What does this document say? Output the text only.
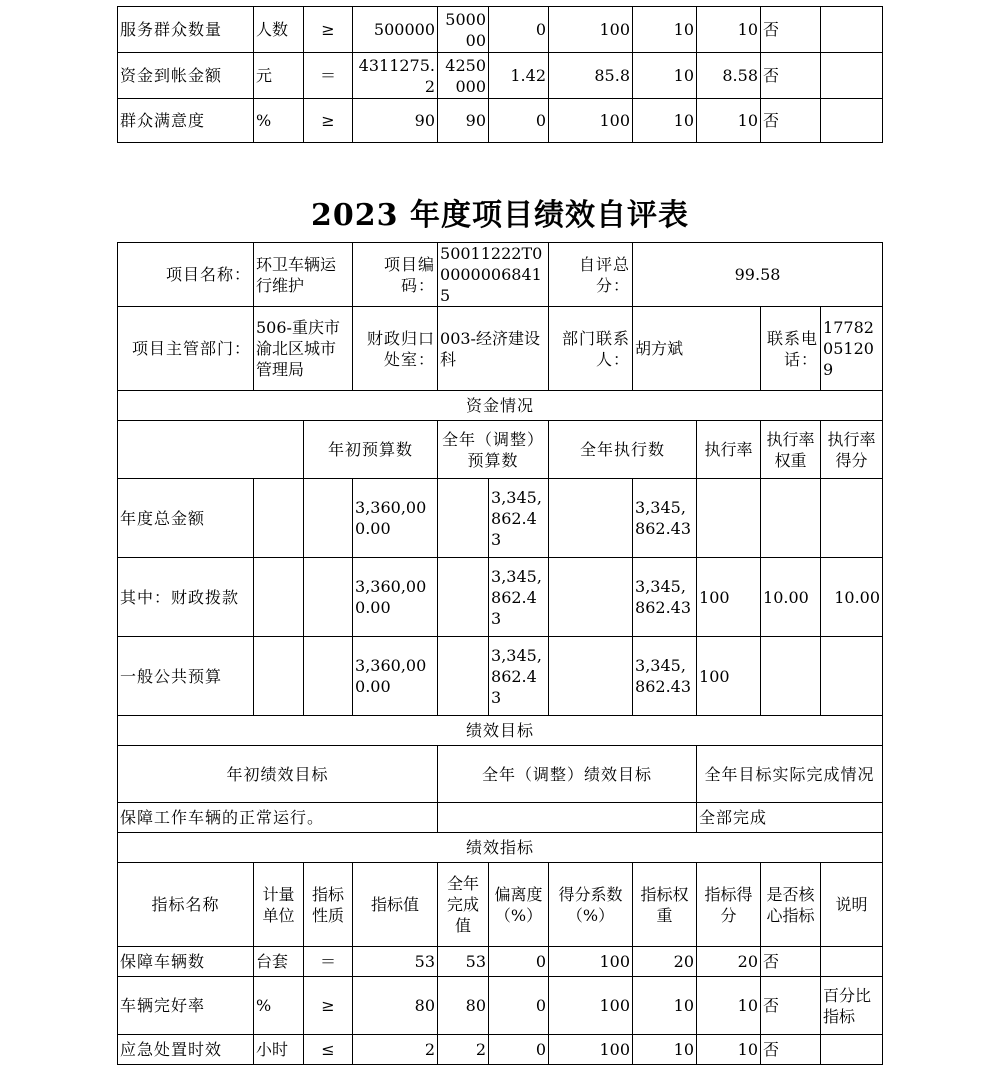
服务群众数量	人数	≥	500000	500000	0	100	10	10	否	
资金到帐金额	元	＝	4311275.2	4250000	1.42	85.8	10	8.58	否	
群众满意度	%	≥	90	90	0	100	10	10	否	
2023 年度项目绩效自评表
项目名称：	环卫车辆运行维护		项目编码：	50011222T000000068415		自评总分：	99.58			
项目主管部门：	506-重庆市渝北区城市管理局		财政归口处室：	003-经济建设科		部门联系人：	胡方斌		联系电话：	17782051209
资金情况										
		年初预算数		全年（调整）预算数		全年执行数		执行率	执行率权重	执行率得分
年度总金额			3,360,000.00		3,345,862.43		3,345,862.43			
其中：财政拨款			3,360,000.00		3,345,862.43		3,345,862.43	100	10.00	10.00
一般公共预算			3,360,000.00		3,345,862.43		3,345,862.43	100		
绩效目标										
年初绩效目标				全年（调整）绩效目标				全年目标实际完成情况		
保障工作车辆的正常运行。								全部完成		
绩效指标										
指标名称	计量单位	指标性质	指标值	全年完成值	偏离度（%）	得分系数（%）	指标权重	指标得分	是否核心指标	说明
保障车辆数	台套	＝	53	53	0	100	20	20	否	
车辆完好率	%	≥	80	80	0	100	10	10	否	百分比指标
应急处置时效	小时	≤	2	2	0	100	10	10	否	
